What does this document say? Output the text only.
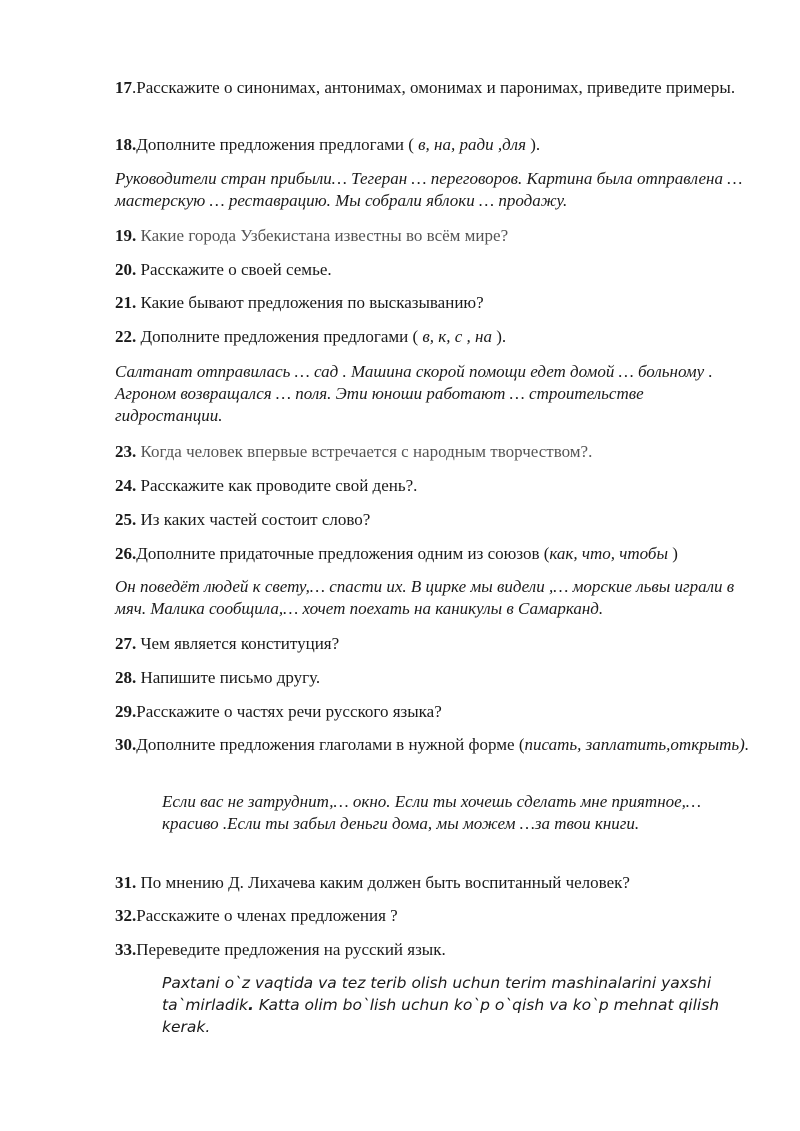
17.Расскажите о синонимах, антонимах, омонимах и паронимах, приведите примеры.

18.Дополните предложения предлогами ( в, на, ради ,для ).

Руководители стран прибыли… Тегеран … переговоров. Картина была отправлена … мастерскую … реставрацию. Мы собрали яблоки … продажу.

19. Какие города Узбекистана известны во всём мире?

20. Расскажите о своей семье.

21. Какие бывают предложения по высказыванию?

22. Дополните предложения предлогами ( в, к, с , на ).

Салтанат отправилась … сад . Машина скорой помощи едет домой … больному . Агроном возвращался … поля. Эти юноши работают … строительстве гидростанции.

23. Когда человек впервые встречается с народным творчеством?.

24. Расскажите как проводите свой день?.

25. Из каких частей состоит слово?

26.Дополните придаточные предложения одним из союзов (как, что, чтобы )

Он поведёт людей к свету,… спасти их. В цирке мы видели ,… морские львы играли в мяч. Малика сообщила,… хочет поехать на каникулы в Самарканд.

27. Чем является конституция?

28. Напишите письмо другу.

29.Расскажите о частях речи русского языка?

30.Дополните предложения глаголами в нужной форме (писать, заплатить,открыть).

Если вас не затруднит,… окно. Если ты хочешь сделать мне приятное,… красиво .Если ты забыл деньги дома, мы можем …за твои книги.

31. По мнению Д. Лихачева каким должен быть воспитанный человек?

32.Расскажите о членах предложения ?

33.Переведите предложения на русский язык.

Paxtani o`z vaqtida va tez terib olish uchun terim mashinalarini yaxshi ta`mirladik. Katta olim bo`lish uchun ko`p o`qish va ko`p mehnat qilish kerak.
